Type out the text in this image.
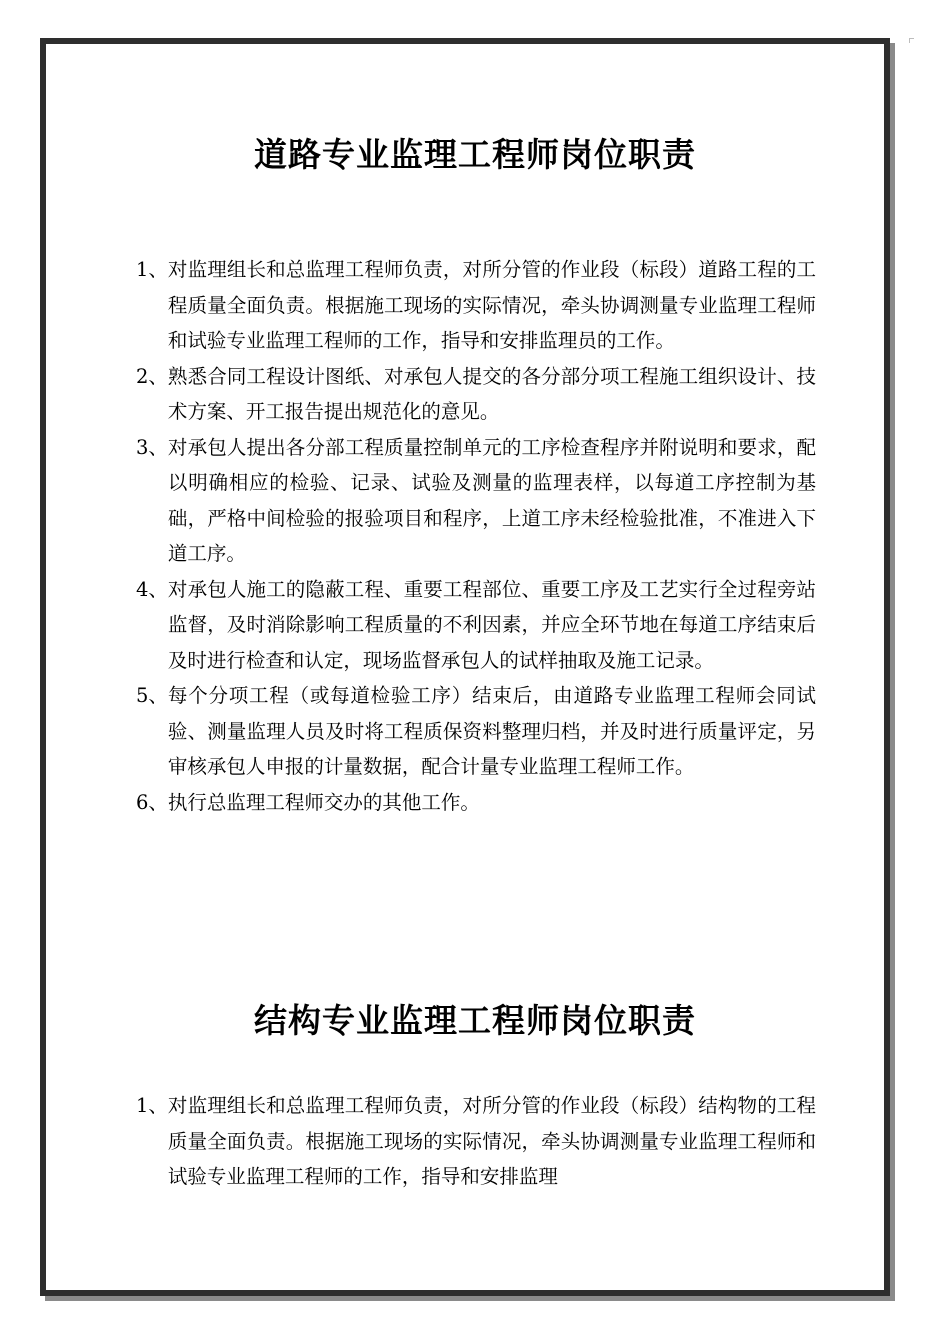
道路专业监理工程师岗位职责
1、 对监理组长和总监理工程师负责，对所分管的作业段（标段）道路工程的工程质量全面负责。根据施工现场的实际情况，牵头协调测量专业监理工程师和试验专业监理工程师的工作，指导和安排监理员的工作。
2、 熟悉合同工程设计图纸、对承包人提交的各分部分项工程施工组织设计、技术方案、开工报告提出规范化的意见。
3、 对承包人提出各分部工程质量控制单元的工序检查程序并附说明和要求，配以明确相应的检验、记录、试验及测量的监理表样，以每道工序控制为基础，严格中间检验的报验项目和程序，上道工序未经检验批准，不准进入下道工序。
4、 对承包人施工的隐蔽工程、重要工程部位、重要工序及工艺实行全过程旁站监督，及时消除影响工程质量的不利因素，并应全环节地在每道工序结束后及时进行检查和认定，现场监督承包人的试样抽取及施工记录。
5、 每个分项工程（或每道检验工序）结束后，由道路专业监理工程师会同试验、测量监理人员及时将工程质保资料整理归档，并及时进行质量评定，另审核承包人申报的计量数据，配合计量专业监理工程师工作。
6、 执行总监理工程师交办的其他工作。
结构专业监理工程师岗位职责
1、 对监理组长和总监理工程师负责，对所分管的作业段（标段）结构物的工程质量全面负责。根据施工现场的实际情况，牵头协调测量专业监理工程师和试验专业监理工程师的工作，指导和安排监理
